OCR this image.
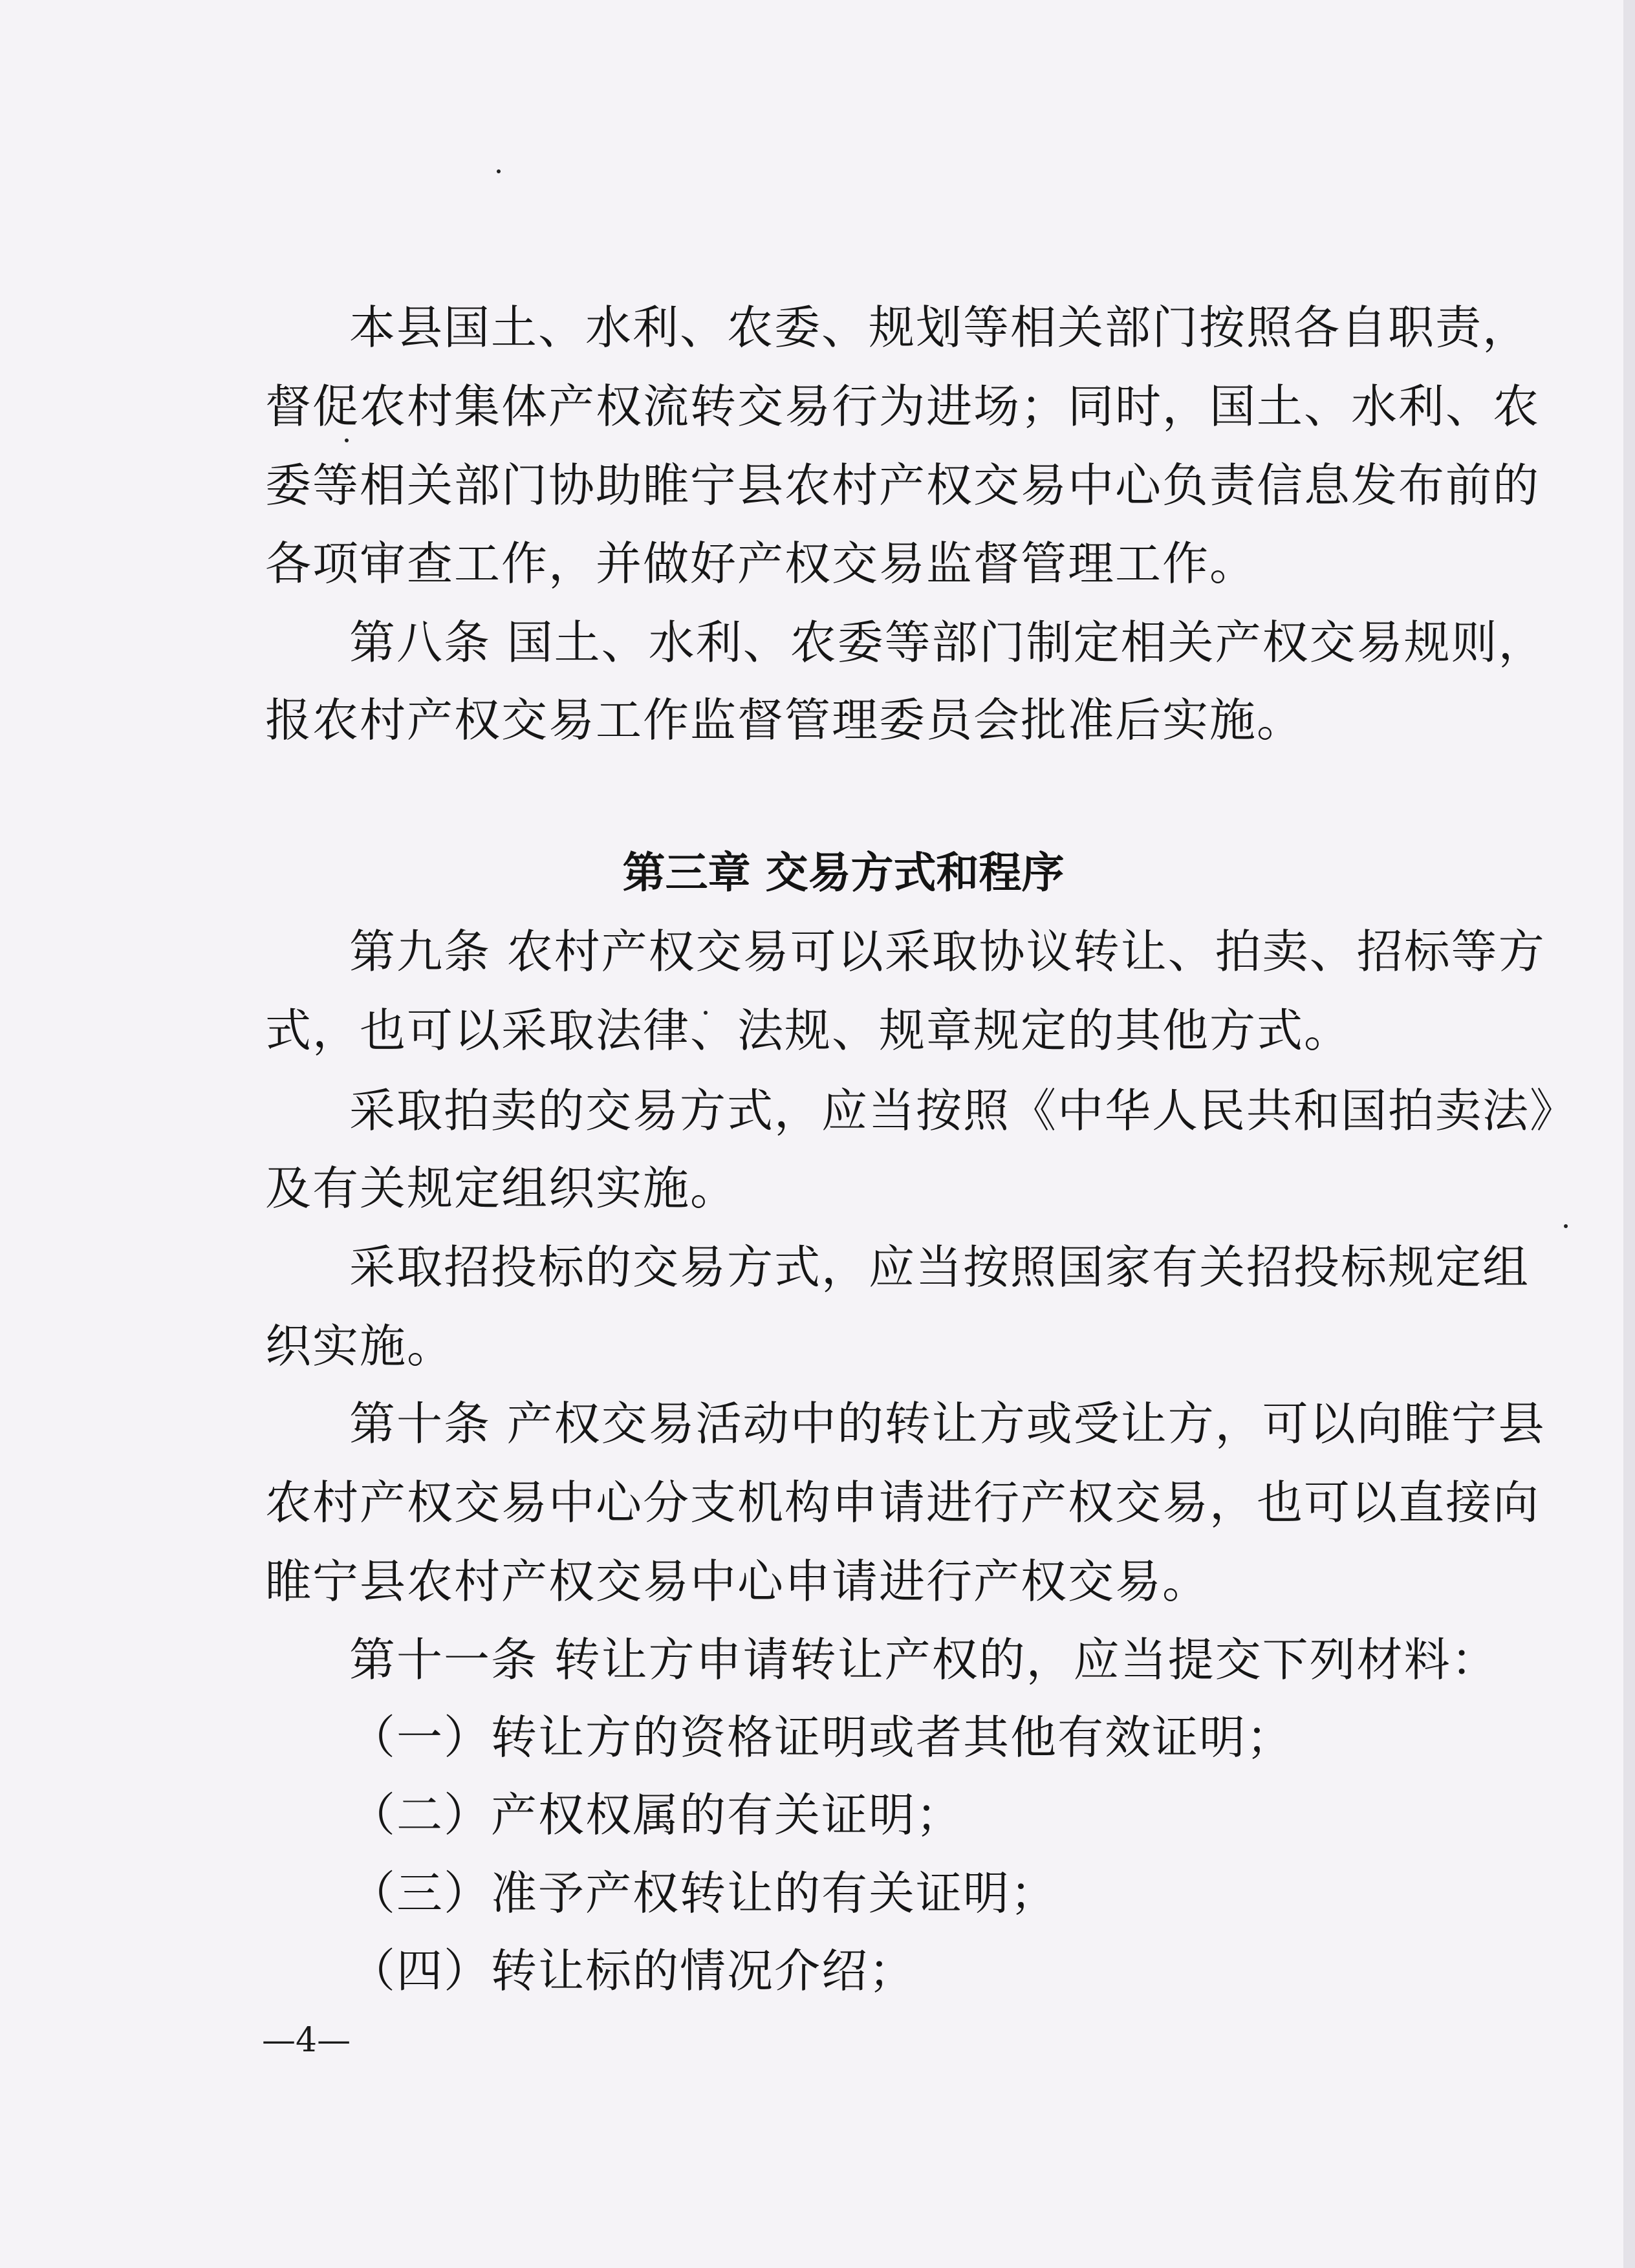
本县国土、水利、农委、规划等相关部门按照各自职责，
督促农村集体产权流转交易行为进场；同时，国土、水利、农
委等相关部门协助睢宁县农村产权交易中心负责信息发布前的
各项审查工作，并做好产权交易监督管理工作。
第八条 国土、水利、农委等部门制定相关产权交易规则，
报农村产权交易工作监督管理委员会批准后实施。
第三章 交易方式和程序
第九条 农村产权交易可以采取协议转让、拍卖、招标等方
式，也可以采取法律、法规、规章规定的其他方式。
采取拍卖的交易方式，应当按照《中华人民共和国拍卖法》
及有关规定组织实施。
采取招投标的交易方式，应当按照国家有关招投标规定组
织实施。
第十条 产权交易活动中的转让方或受让方，可以向睢宁县
农村产权交易中心分支机构申请进行产权交易，也可以直接向
睢宁县农村产权交易中心申请进行产权交易。
第十一条 转让方申请转让产权的，应当提交下列材料：
（一）转让方的资格证明或者其他有效证明；
（二）产权权属的有关证明；
（三）准予产权转让的有关证明；
（四）转让标的情况介绍；
—4—
